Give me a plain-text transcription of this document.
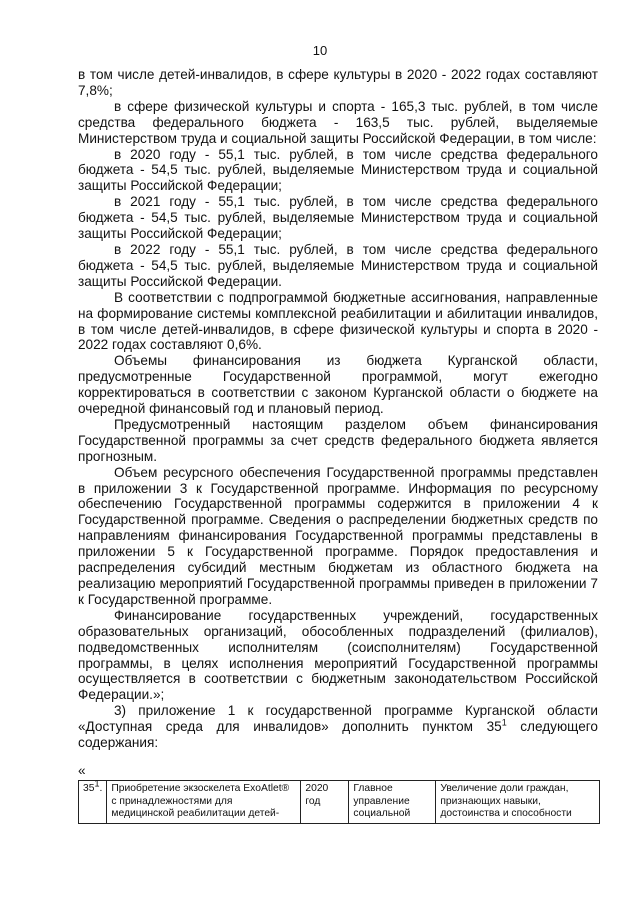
10

в том числе детей-инвалидов, в сфере культуры в 2020 - 2022 годах составляют 7,8%;

в сфере физической культуры и спорта - 165,3 тыс. рублей, в том числе средства федерального бюджета - 163,5 тыс. рублей, выделяемые Министерством труда и социальной защиты Российской Федерации, в том числе:

в 2020 году - 55,1 тыс. рублей, в том числе средства федерального бюджета - 54,5 тыс. рублей, выделяемые Министерством труда и социальной защиты Российской Федерации;

в 2021 году - 55,1 тыс. рублей, в том числе средства федерального бюджета - 54,5 тыс. рублей, выделяемые Министерством труда и социальной защиты Российской Федерации;

в 2022 году - 55,1 тыс. рублей, в том числе средства федерального бюджета - 54,5 тыс. рублей, выделяемые Министерством труда и социальной защиты Российской Федерации.

В соответствии с подпрограммой бюджетные ассигнования, направленные на формирование системы комплексной реабилитации и абилитации инвалидов, в том числе детей-инвалидов, в сфере физической культуры и спорта в 2020 - 2022 годах составляют 0,6%.

Объемы финансирования из бюджета Курганской области, предусмотренные Государственной программой, могут ежегодно корректироваться в соответствии с законом Курганской области о бюджете на очередной финансовый год и плановый период.

Предусмотренный настоящим разделом объем финансирования Государственной программы за счет средств федерального бюджета является прогнозным.

Объем ресурсного обеспечения Государственной программы представлен в приложении 3 к Государственной программе. Информация по ресурсному обеспечению Государственной программы содержится в приложении 4 к Государственной программе. Сведения о распределении бюджетных средств по направлениям финансирования Государственной программы представлены в приложении 5 к Государственной программе. Порядок предоставления и распределения субсидий местным бюджетам из областного бюджета на реализацию мероприятий Государственной программы приведен в приложении 7 к Государственной программе.

Финансирование государственных учреждений, государственных образовательных организаций, обособленных подразделений (филиалов), подведомственных исполнителям (соисполнителям) Государственной программы, в целях исполнения мероприятий Государственной программы осуществляется в соответствии с бюджетным законодательством Российской Федерации.»;

3) приложение 1 к государственной программе Курганской области «Доступная среда для инвалидов» дополнить пунктом $35^1$ следующего содержания:

«
351.	Приобретение экзоскелета ExoAtlet® с принадлежностями для медицинской реабилитации детей-	2020 год	Главное управление социальной	Увеличение доли граждан, признающих навыки, достоинства и способности
